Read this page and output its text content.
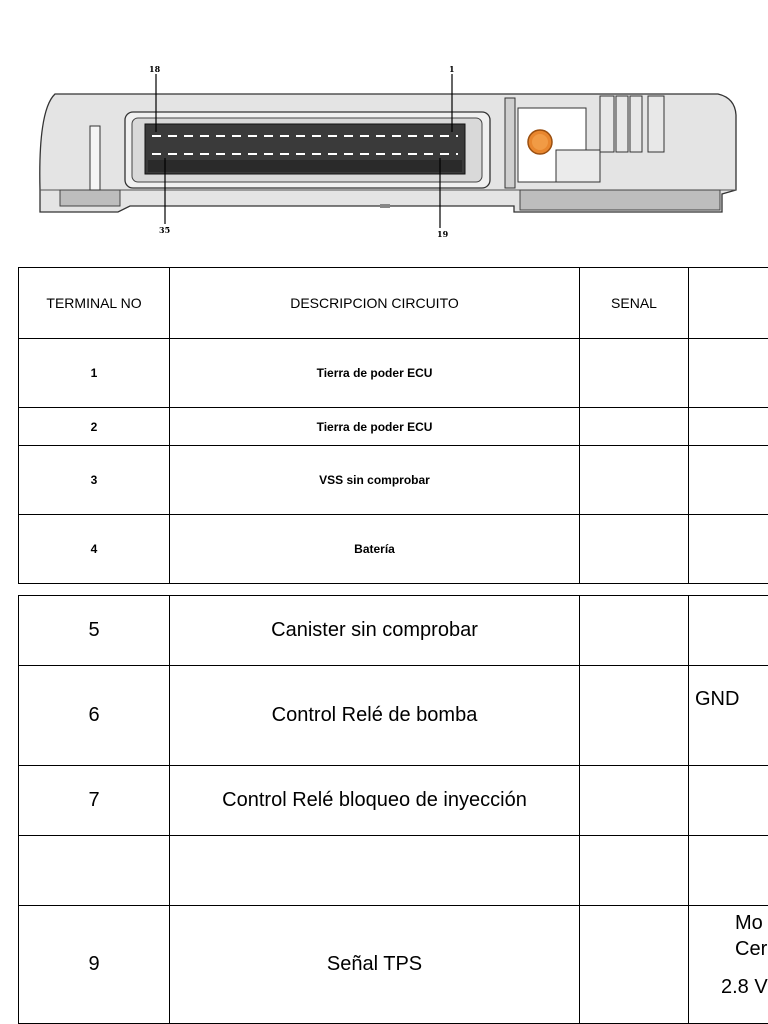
18	1
35	19
TERMINAL NO	DESCRIPCION CIRCUITO	SENAL	
1	Tierra de poder ECU		
2	Tierra de poder ECU		
3	VSS sin comprobar		
4	Batería		
5	Canister sin comprobar		
6	Control Relé de bomba		GND
7	Control Relé bloqueo de inyección		

9	Señal TPS		Mo
Cer
2.8 V
